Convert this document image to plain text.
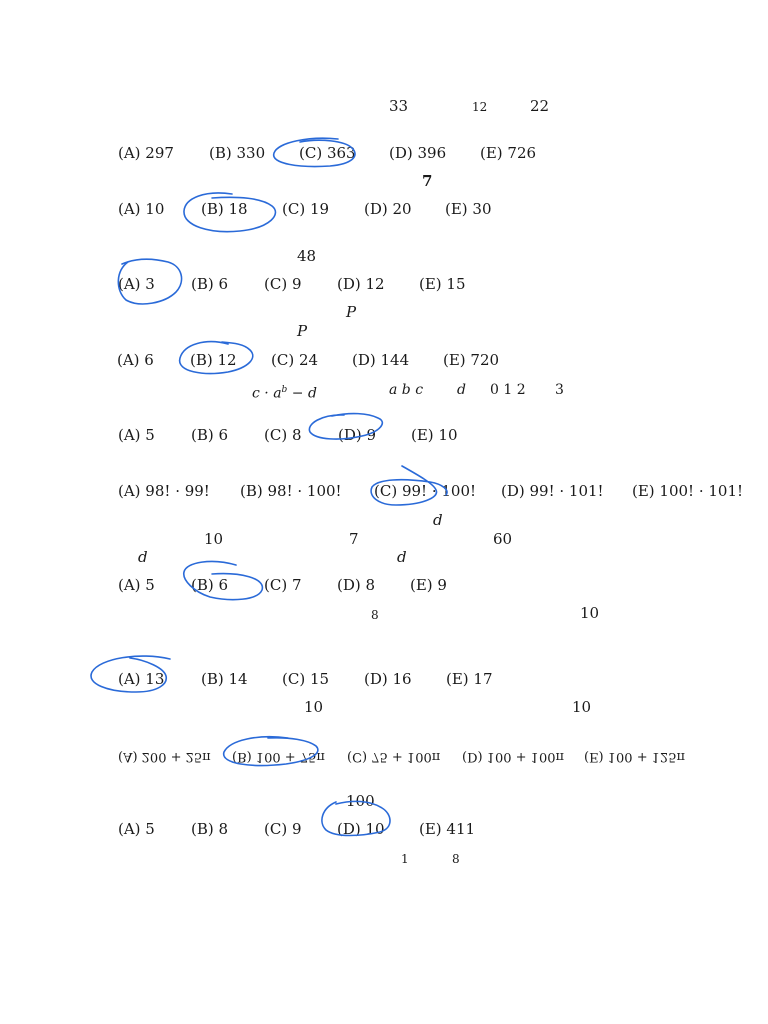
33	12	22
(A) 297 (B) 330 (C) 363 (D) 396 (E) 726
7
(A) 10 (B) 18 (C) 19 (D) 20 (E) 30
48
(A) 3 (B) 6 (C) 9 (D) 12 (E) 15
P
P
(A) 6 (B) 12 (C) 24 (D) 144 (E) 720
$c \cdot a^b - d$	a b c d 0 1 2 3
(A) 5 (B) 6 (C) 8 (D) 9 (E) 10
(A) 98! · 99! (B) 98! · 100! (C) 99! · 100! (D) 99! · 101! (E) 100! · 101!
d
10	7	60
d	d
(A) 5 (B) 6 (C) 7 (D) 8 (E) 9
8	10
(A) 13 (B) 14 (C) 15 (D) 16 (E) 17
10	10
(A) 200 + 25π (B) 100 + 75π (C) 75 + 100π (D) 100 + 100π (E) 100 + 125π
100
(A) 5 (B) 8 (C) 9 (D) 10 (E) 411
1	8
